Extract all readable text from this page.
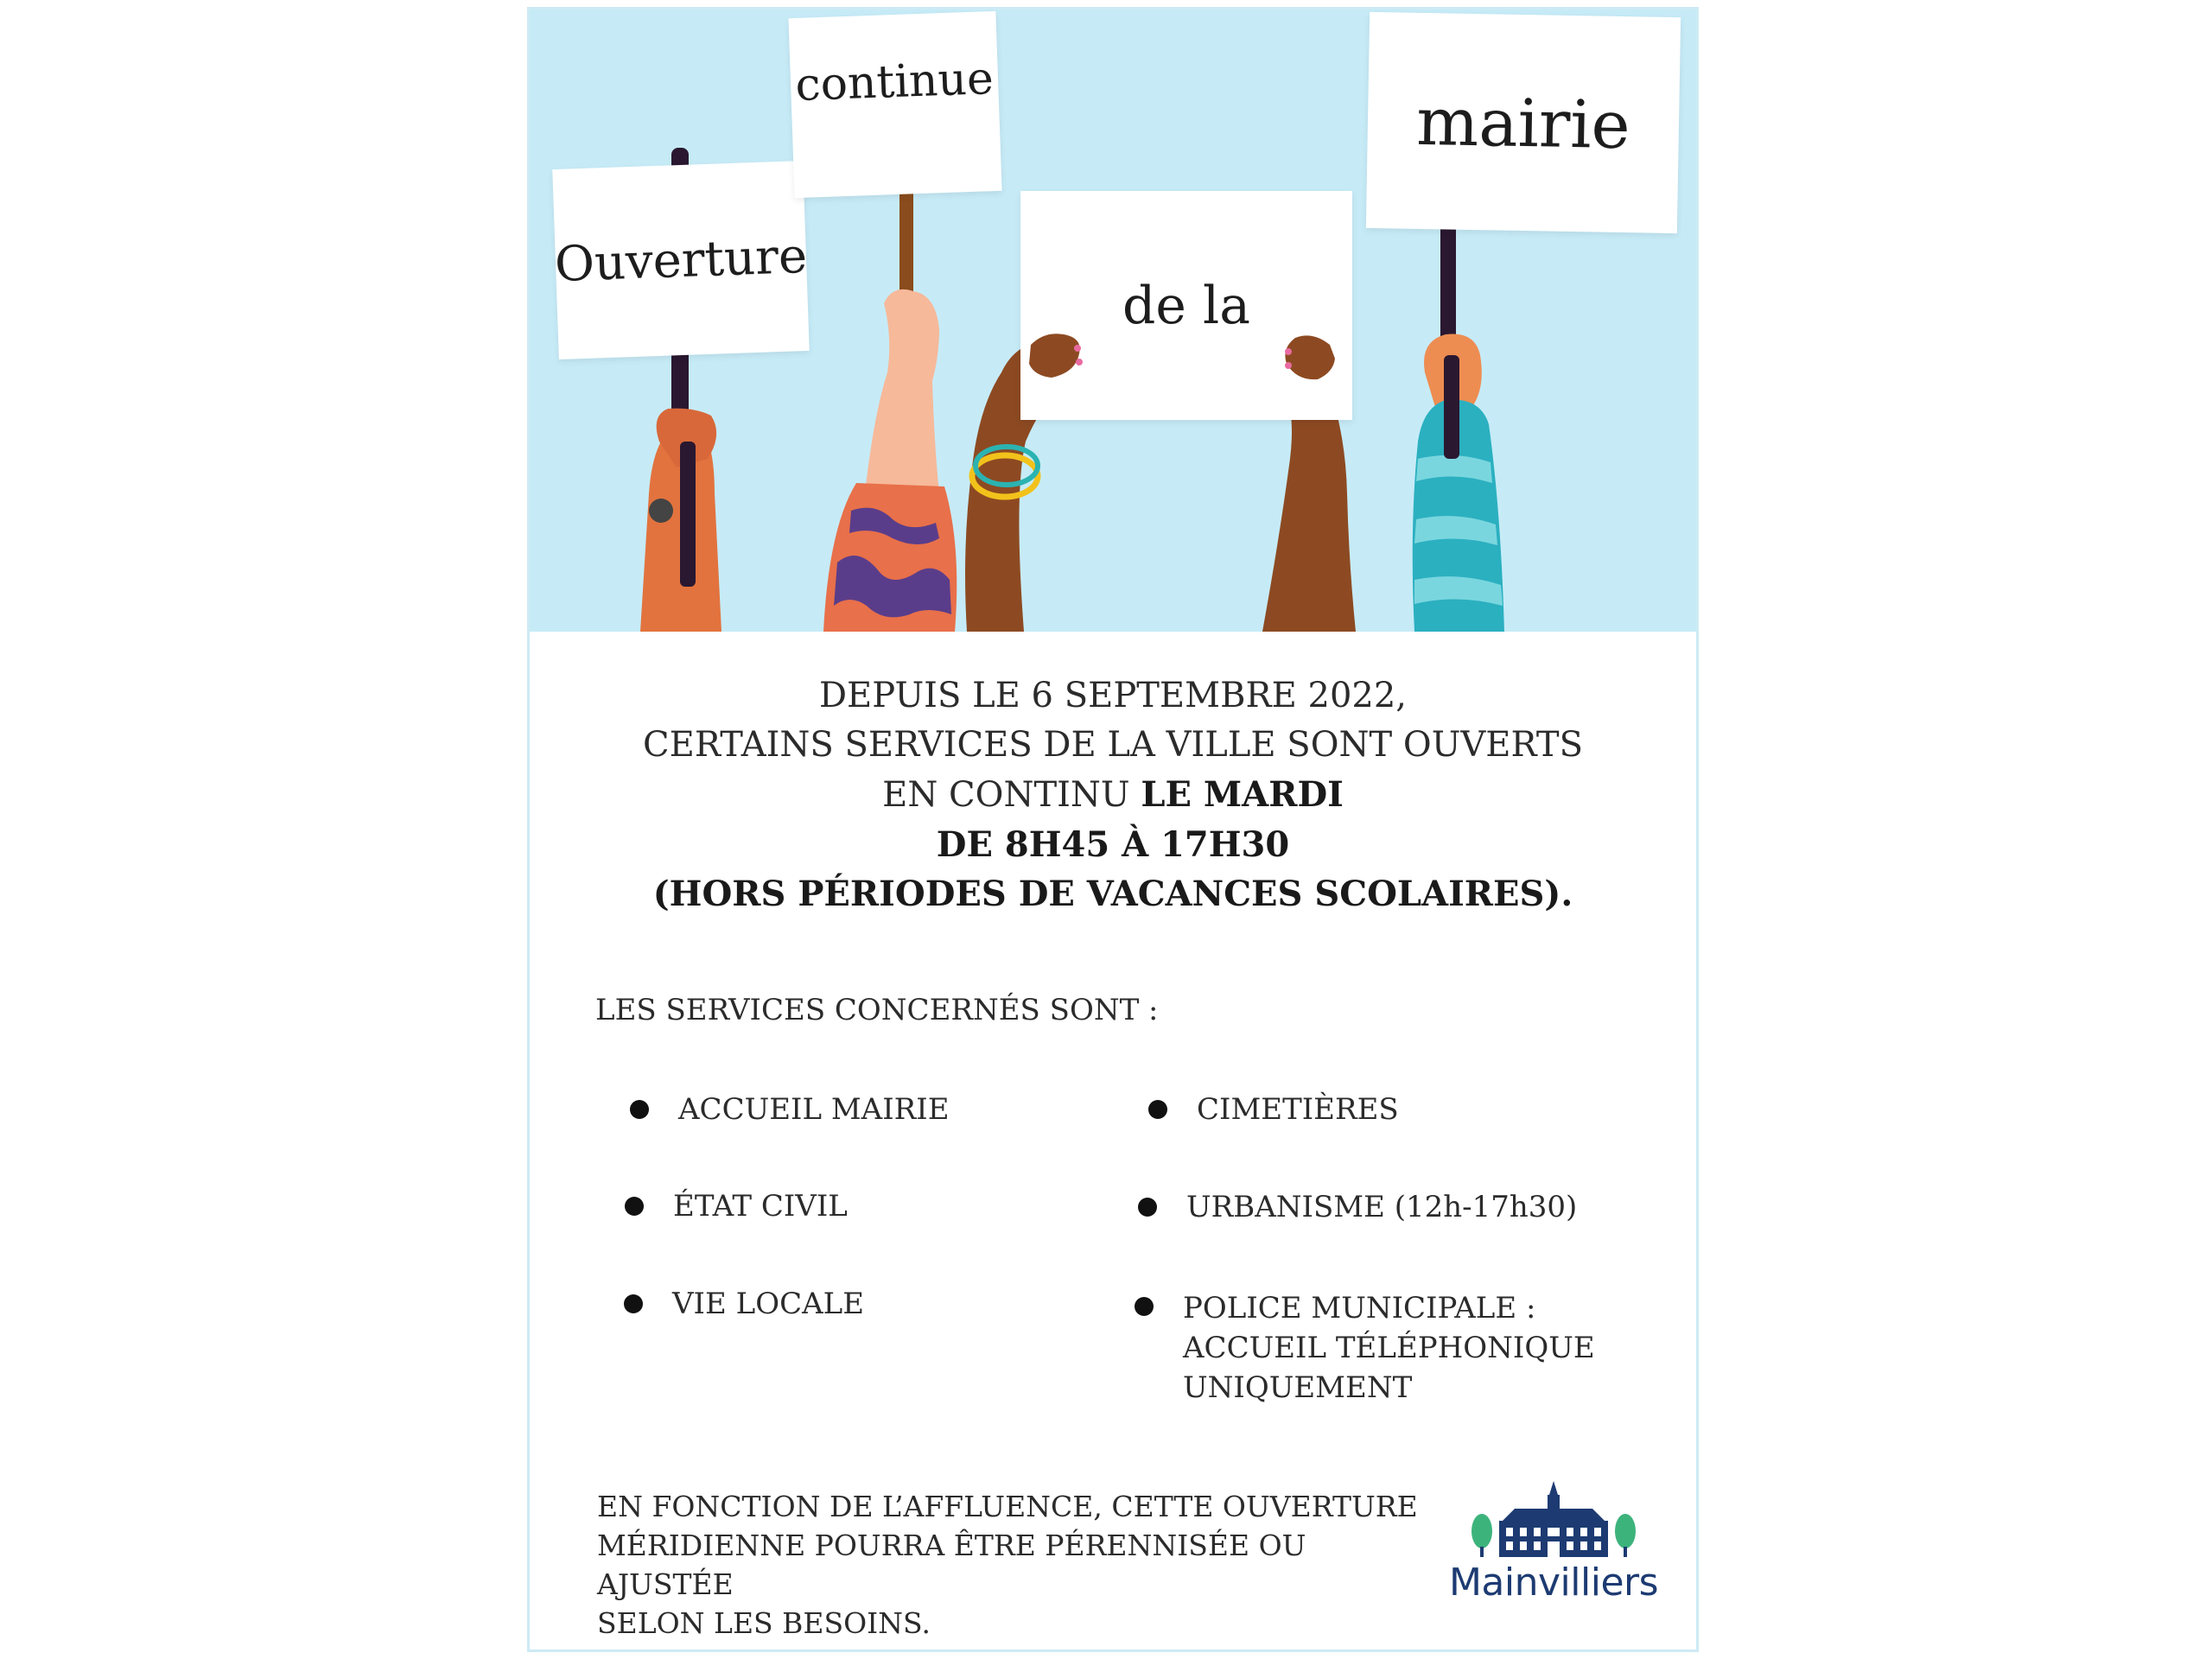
Ouverture
continue
de la
mairie
DEPUIS LE 6 SEPTEMBRE 2022,
CERTAINS SERVICES DE LA VILLE SONT OUVERTS
EN CONTINU LE MARDI
DE 8H45 À 17H30
(HORS PÉRIODES DE VACANCES SCOLAIRES).
LES SERVICES CONCERNÉS SONT :
ACCUEIL MAIRIE
ÉTAT CIVIL
VIE LOCALE
CIMETIÈRES
URBANISME (12h-17h30)
POLICE MUNICIPALE :
ACCUEIL TÉLÉPHONIQUE
UNIQUEMENT
EN FONCTION DE L’AFFLUENCE, CETTE OUVERTURE
MÉRIDIENNE POURRA ÊTRE PÉRENNISÉE OU AJUSTÉE
SELON LES BESOINS.
Mainvilliers
